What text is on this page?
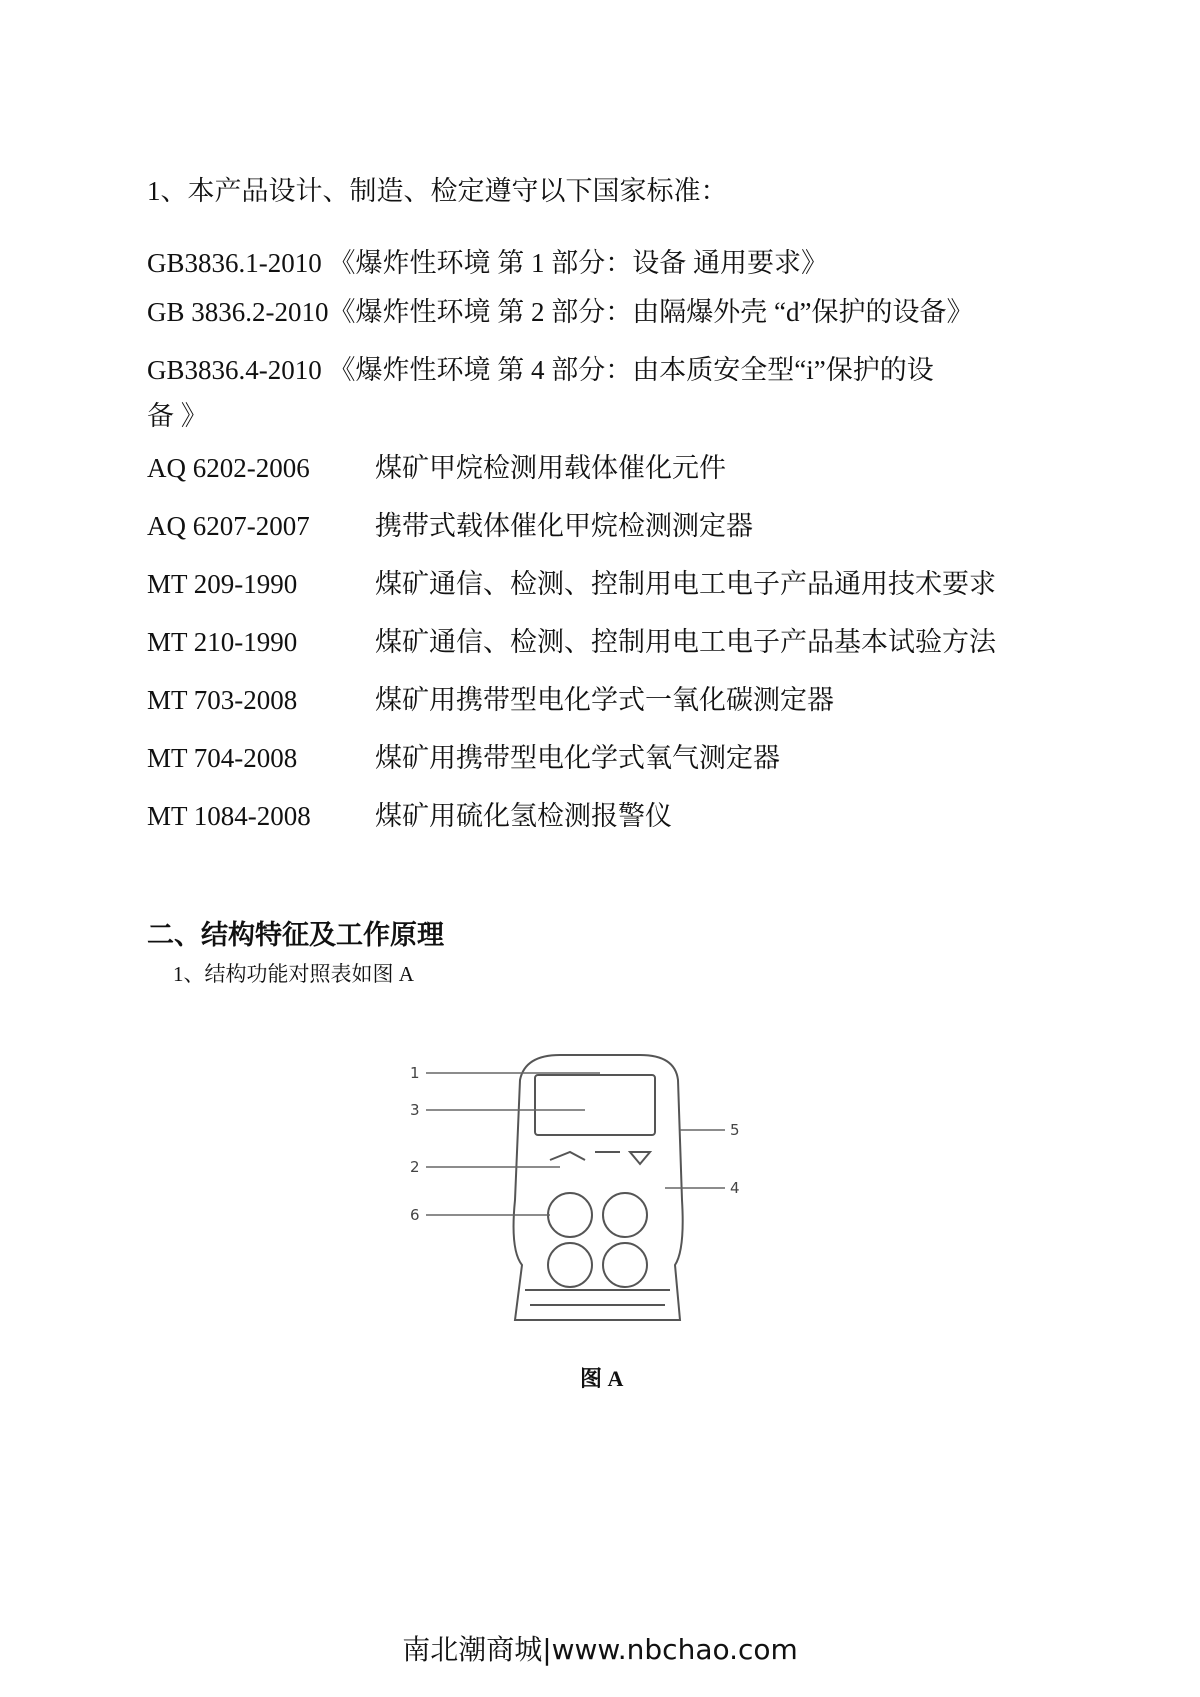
1、本产品设计、制造、检定遵守以下国家标准：
GB3836.1-2010 《爆炸性环境 第 1 部分：设备 通用要求》
GB 3836.2-2010《爆炸性环境 第 2 部分：由隔爆外壳 “d”保护的设备》
GB3836.4-2010 《爆炸性环境 第 4 部分：由本质安全型“i”保护的设
备 》
AQ 6202-2006 煤矿甲烷检测用载体催化元件
AQ 6207-2007 携带式载体催化甲烷检测测定器
MT 209-1990	煤矿通信、检测、控制用电工电子产品通用技术要求
MT 210-1990	煤矿通信、检测、控制用电工电子产品基本试验方法
MT 703-2008	煤矿用携带型电化学式一氧化碳测定器
MT 704-2008	煤矿用携带型电化学式氧气测定器
MT 1084-2008 煤矿用硫化氢检测报警仪
二、结构特征及工作原理
1、结构功能对照表如图 A
1
3
2
6
5
4
图 A
南北潮商城|www.nbchao.com
